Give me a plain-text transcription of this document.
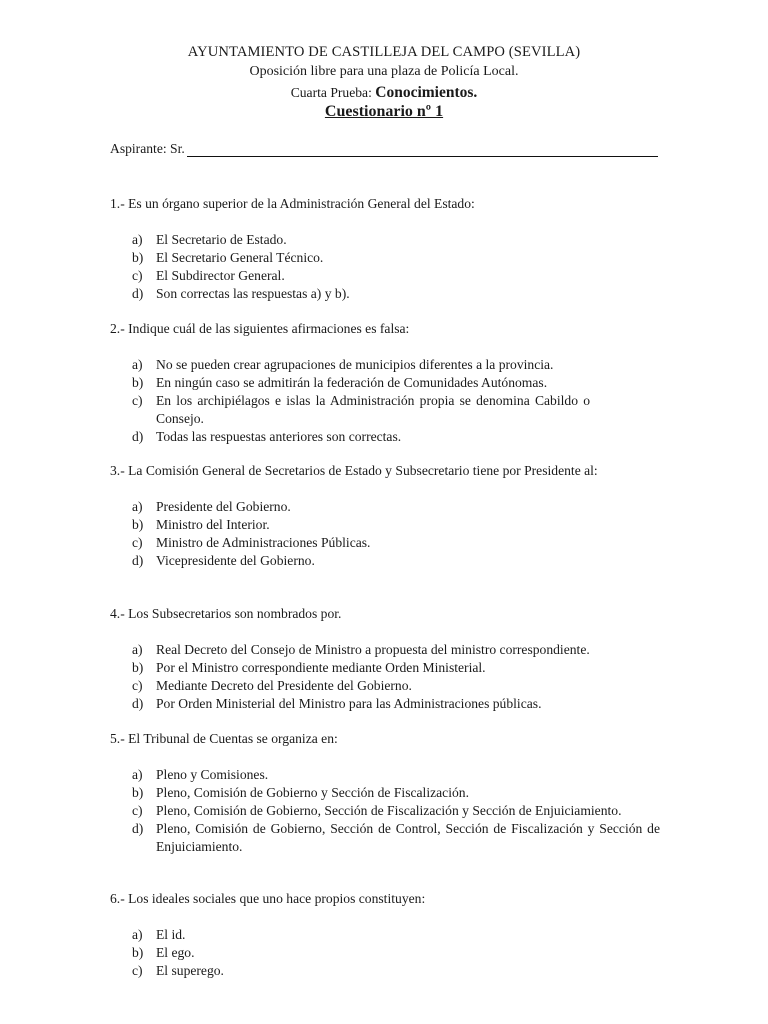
AYUNTAMIENTO DE CASTILLEJA DEL CAMPO (SEVILLA)
Oposición libre para una plaza de Policía Local.
Cuarta Prueba: Conocimientos.
Cuestionario nº 1
Aspirante: Sr.
1.- Es un órgano superior de la Administración General del Estado:
a) El Secretario de Estado.
b) El Secretario General Técnico.
c) El Subdirector General.
d) Son correctas las respuestas a) y b).
2.- Indique cuál de las siguientes afirmaciones es falsa:
a) No se pueden crear agrupaciones de municipios diferentes a la provincia.
b) En ningún caso se admitirán la federación de Comunidades Autónomas.
c) En los archipiélagos e islas la Administración propia se denomina Cabildo o Consejo.
d) Todas las respuestas anteriores son correctas.
3.- La Comisión General de Secretarios de Estado y Subsecretario tiene por Presidente al:
a) Presidente del Gobierno.
b) Ministro del Interior.
c) Ministro de Administraciones Públicas.
d) Vicepresidente del Gobierno.
4.- Los Subsecretarios son nombrados por.
a) Real Decreto del Consejo de Ministro a propuesta del ministro correspondiente.
b) Por el Ministro correspondiente mediante Orden Ministerial.
c) Mediante Decreto del Presidente del Gobierno.
d) Por Orden Ministerial del Ministro para las Administraciones públicas.
5.- El Tribunal de Cuentas se organiza en:
a) Pleno y Comisiones.
b) Pleno, Comisión de Gobierno y Sección de Fiscalización.
c) Pleno, Comisión de Gobierno, Sección de Fiscalización y Sección de Enjuiciamiento.
d) Pleno, Comisión de Gobierno, Sección de Control, Sección de Fiscalización y Sección de Enjuiciamiento.
6.- Los ideales sociales que uno hace propios constituyen:
a) El id.
b) El ego.
c) El superego.
